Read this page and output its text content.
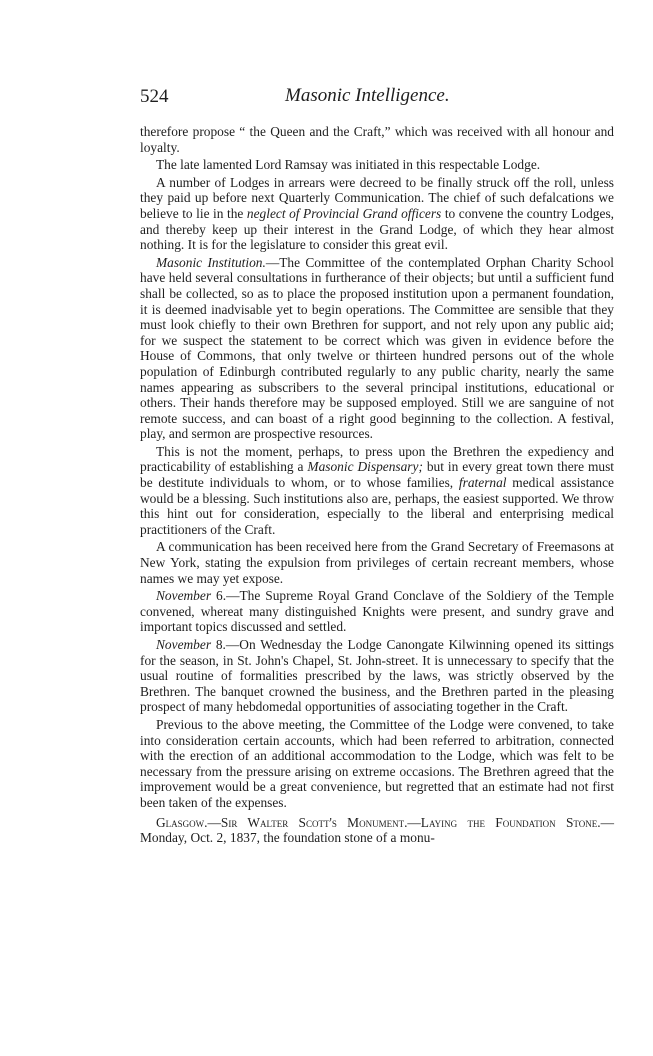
524	Masonic Intelligence.

therefore propose “ the Queen and the Craft,” which was received with all honour and loyalty.

The late lamented Lord Ramsay was initiated in this respectable Lodge.

A number of Lodges in arrears were decreed to be finally struck off the roll, unless they paid up before next Quarterly Communication. The chief of such defalcations we believe to lie in the neglect of Provincial Grand officers to convene the country Lodges, and thereby keep up their interest in the Grand Lodge, of which they hear almost nothing. It is for the legislature to consider this great evil.

Masonic Institution.—The Committee of the contemplated Orphan Charity School have held several consultations in furtherance of their objects; but until a sufficient fund shall be collected, so as to place the proposed institution upon a permanent foundation, it is deemed inadvisable yet to begin operations. The Committee are sensible that they must look chiefly to their own Brethren for support, and not rely upon any public aid; for we suspect the statement to be correct which was given in evidence before the House of Commons, that only twelve or thirteen hundred persons out of the whole population of Edinburgh contributed regularly to any public charity, nearly the same names appearing as subscribers to the several principal institutions, educational or others. Their hands therefore may be supposed employed. Still we are sanguine of not remote success, and can boast of a right good beginning to the collection. A festival, play, and sermon are prospective resources.

This is not the moment, perhaps, to press upon the Brethren the expediency and practicability of establishing a Masonic Dispensary; but in every great town there must be destitute individuals to whom, or to whose families, fraternal medical assistance would be a blessing. Such institutions also are, perhaps, the easiest supported. We throw this hint out for consideration, especially to the liberal and enterprising medical practitioners of the Craft.

A communication has been received here from the Grand Secretary of Freemasons at New York, stating the expulsion from privileges of certain recreant members, whose names we may yet expose.

November 6.—The Supreme Royal Grand Conclave of the Soldiery of the Temple convened, whereat many distinguished Knights were present, and sundry grave and important topics discussed and settled.

November 8.—On Wednesday the Lodge Canongate Kilwinning opened its sittings for the season, in St. John's Chapel, St. John-street. It is unnecessary to specify that the usual routine of formalities prescribed by the laws, was strictly observed by the Brethren. The banquet crowned the business, and the Brethren parted in the pleasing prospect of many hebdomedal opportunities of associating together in the Craft.

Previous to the above meeting, the Committee of the Lodge were convened, to take into consideration certain accounts, which had been referred to arbitration, connected with the erection of an additional accommodation to the Lodge, which was felt to be necessary from the pressure arising on extreme occasions. The Brethren agreed that the improvement would be a great convenience, but regretted that an estimate had not first been taken of the expenses.

Glasgow.—Sir Walter Scott's Monument.—Laying the Foundation Stone.—Monday, Oct. 2, 1837, the foundation stone of a monu-
